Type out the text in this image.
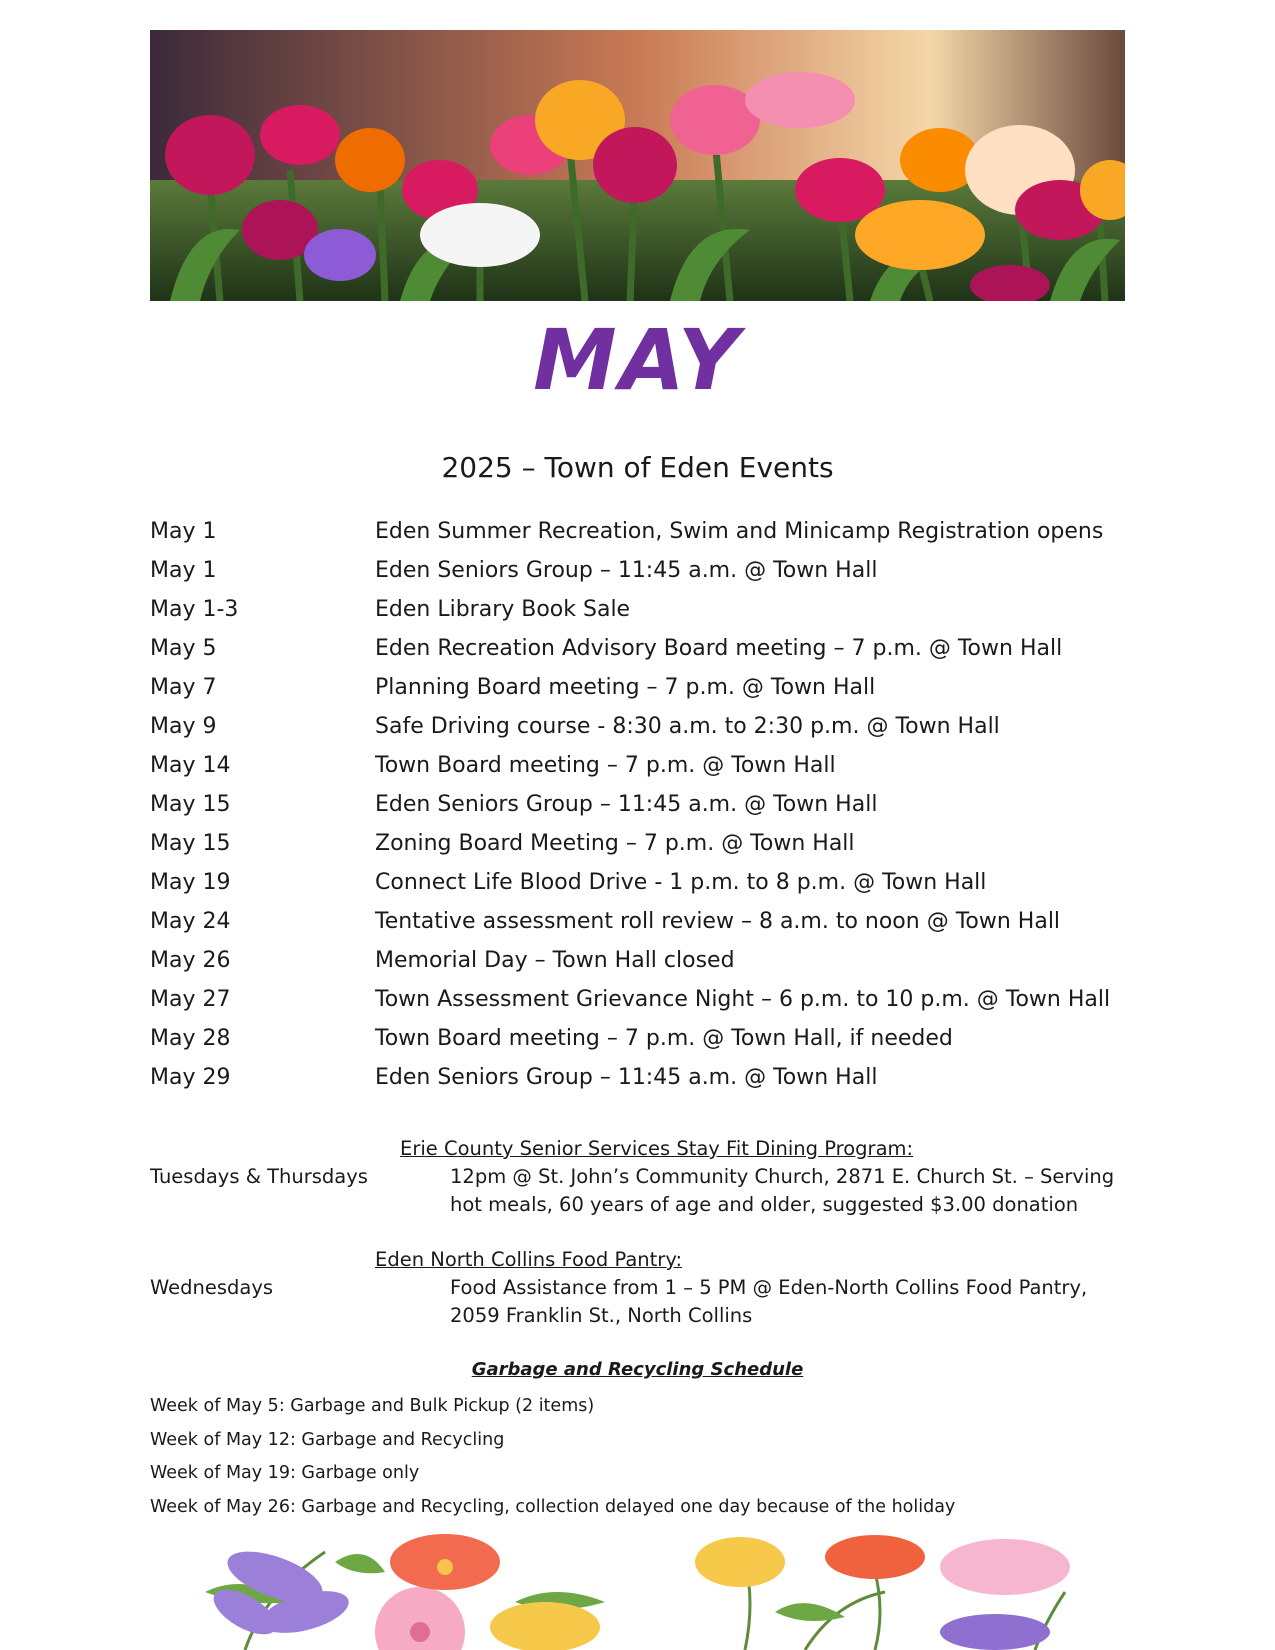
MAY
2025 – Town of Eden Events
May 1	Eden Summer Recreation, Swim and Minicamp Registration opens
May 1	Eden Seniors Group – 11:45 a.m. @ Town Hall
May 1-3	Eden Library Book Sale
May 5	Eden Recreation Advisory Board meeting – 7 p.m. @ Town Hall
May 7	Planning Board meeting – 7 p.m. @ Town Hall
May 9	Safe Driving course - 8:30 a.m. to 2:30 p.m. @ Town Hall
May 14	Town Board meeting – 7 p.m. @ Town Hall
May 15	Eden Seniors Group – 11:45 a.m. @ Town Hall
May 15	Zoning Board Meeting – 7 p.m. @ Town Hall
May 19	Connect Life Blood Drive - 1 p.m. to 8 p.m. @ Town Hall
May 24	Tentative assessment roll review – 8 a.m. to noon @ Town Hall
May 26	Memorial Day – Town Hall closed
May 27	Town Assessment Grievance Night – 6 p.m. to 10 p.m. @ Town Hall
May 28	Town Board meeting – 7 p.m. @ Town Hall, if needed
May 29	Eden Seniors Group – 11:45 a.m. @ Town Hall
Erie County Senior Services Stay Fit Dining Program:
Tuesdays & Thursdays	12pm @ St. John’s Community Church, 2871 E. Church St. – Serving hot meals, 60 years of age and older, suggested $3.00 donation
Eden North Collins Food Pantry:
Wednesdays	Food Assistance from 1 – 5 PM @ Eden-North Collins Food Pantry, 2059 Franklin St., North Collins
Garbage and Recycling Schedule
Week of May 5: Garbage and Bulk Pickup (2 items)
Week of May 12: Garbage and Recycling
Week of May 19: Garbage only
Week of May 26: Garbage and Recycling, collection delayed one day because of the holiday
